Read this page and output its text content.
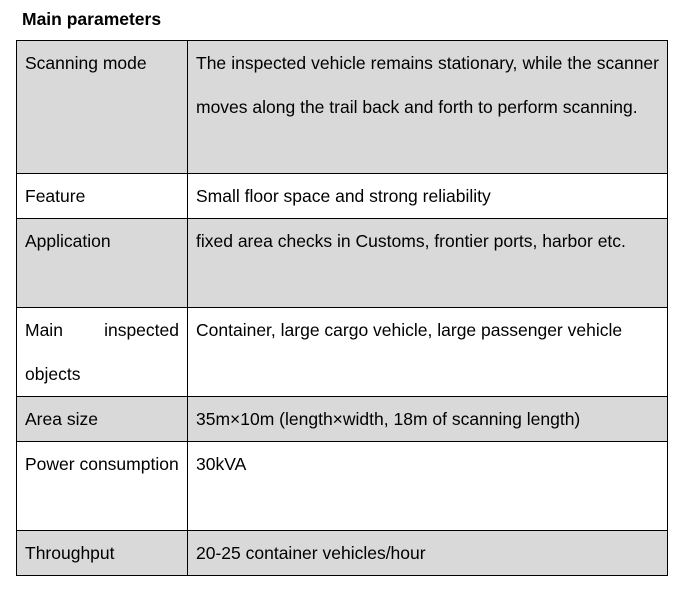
Main parameters
Scanning mode	The inspected vehicle remains stationary, while the scanner moves along the trail back and forth to perform scanning.
Feature	Small floor space and strong reliability
Application	fixed area checks in Customs, frontier ports, harbor etc.
Main inspected objects	Container, large cargo vehicle, large passenger vehicle
Area size	35m×10m (length×width, 18m of scanning length)
Power consumption	30kVA
Throughput	20-25 container vehicles/hour
